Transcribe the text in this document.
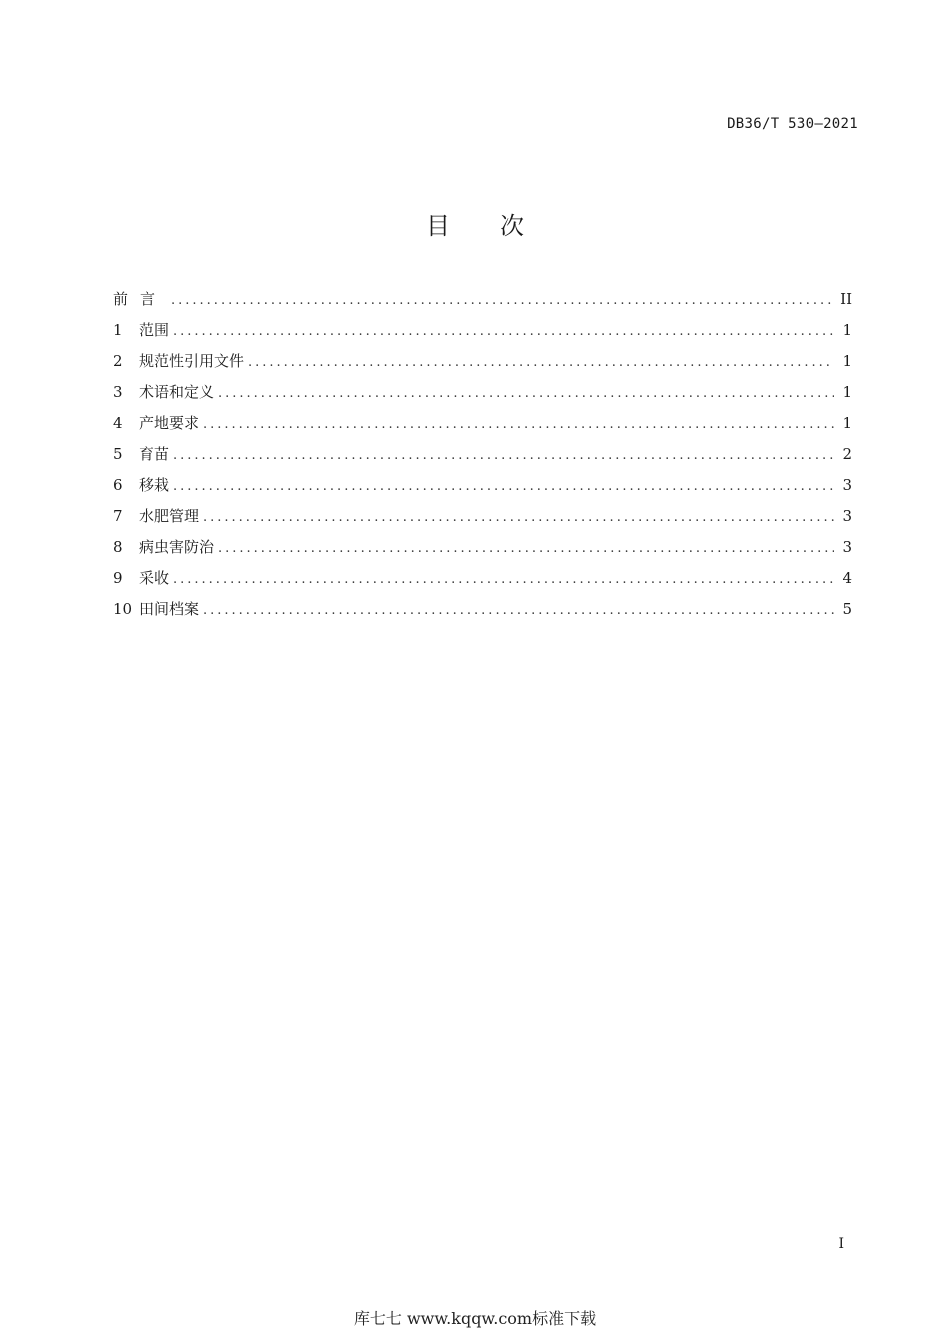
DB36/T 530—2021
目次
前言 .....	II
1	范围 .....	1
2	规范性引用文件 .....	1
3	术语和定义 .....	1
4	产地要求 .....	1
5	育苗 .....	2
6	移栽 .....	3
7	水肥管理 .....	3
8	病虫害防治 .....	3
9	采收 .....	4
10 田间档案 .....	5
I
库七七 www.kqqw.com标准下载
